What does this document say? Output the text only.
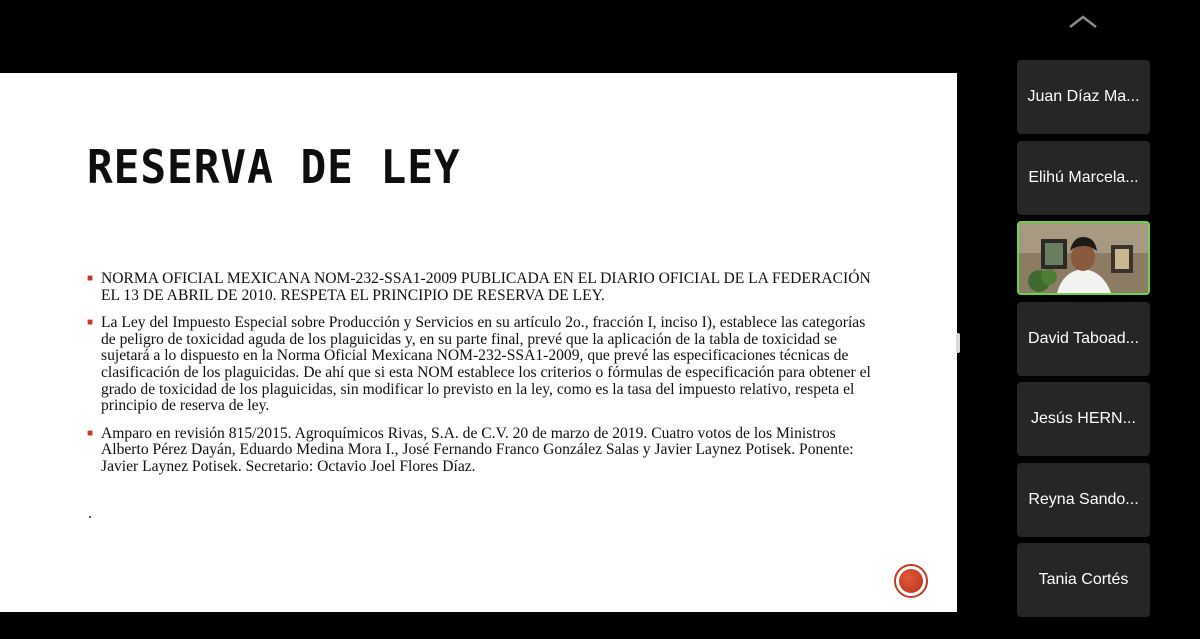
RESERVA DE LEY
■ NORMA OFICIAL MEXICANA NOM-232-SSA1-2009 PUBLICADA EN EL DIARIO OFICIAL DE LA FEDERACIÓN EL 13 DE ABRIL DE 2010. RESPETA EL PRINCIPIO DE RESERVA DE LEY.
■ La Ley del Impuesto Especial sobre Producción y Servicios en su artículo 2o., fracción I, inciso I), establece las categorías de peligro de toxicidad aguda de los plaguicidas y, en su parte final, prevé que la aplicación de la tabla de toxicidad se sujetará a lo dispuesto en la Norma Oficial Mexicana NOM-232-SSA1-2009, que prevé las especificaciones técnicas de clasificación de los plaguicidas. De ahí que si esta NOM establece los criterios o fórmulas de especificación para obtener el grado de toxicidad de los plaguicidas, sin modificar lo previsto en la ley, como es la tasa del impuesto relativo, respeta el principio de reserva de ley.
■ Amparo en revisión 815/2015. Agroquímicos Rivas, S.A. de C.V. 20 de marzo de 2019. Cuatro votos de los Ministros Alberto Pérez Dayán, Eduardo Medina Mora I., José Fernando Franco González Salas y Javier Laynez Potisek. Ponente: Javier Laynez Potisek. Secretario: Octavio Joel Flores Díaz.
.
Juan Díaz Ma...
Elihú Marcela...
David Taboad...
Jesús HERN...
Reyna Sando...
Tania Cortés
